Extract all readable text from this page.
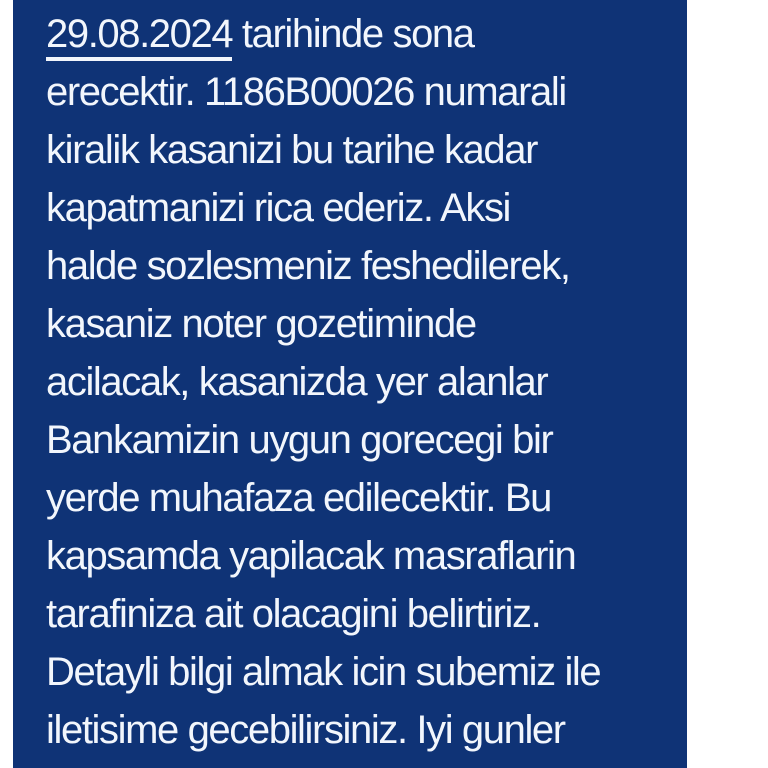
29.08.2024 tarihinde sona
erecektir. 1186B00026 numarali
kiralik kasanizi bu tarihe kadar
kapatmanizi rica ederiz. Aksi
halde sozlesmeniz feshedilerek,
kasaniz noter gozetiminde
acilacak, kasanizda yer alanlar
Bankamizin uygun gorecegi bir
yerde muhafaza edilecektir. Bu
kapsamda yapilacak masraflarin
tarafiniza ait olacagini belirtiriz.
Detayli bilgi almak icin subemiz ile
iletisime gecebilirsiniz. Iyi gunler
